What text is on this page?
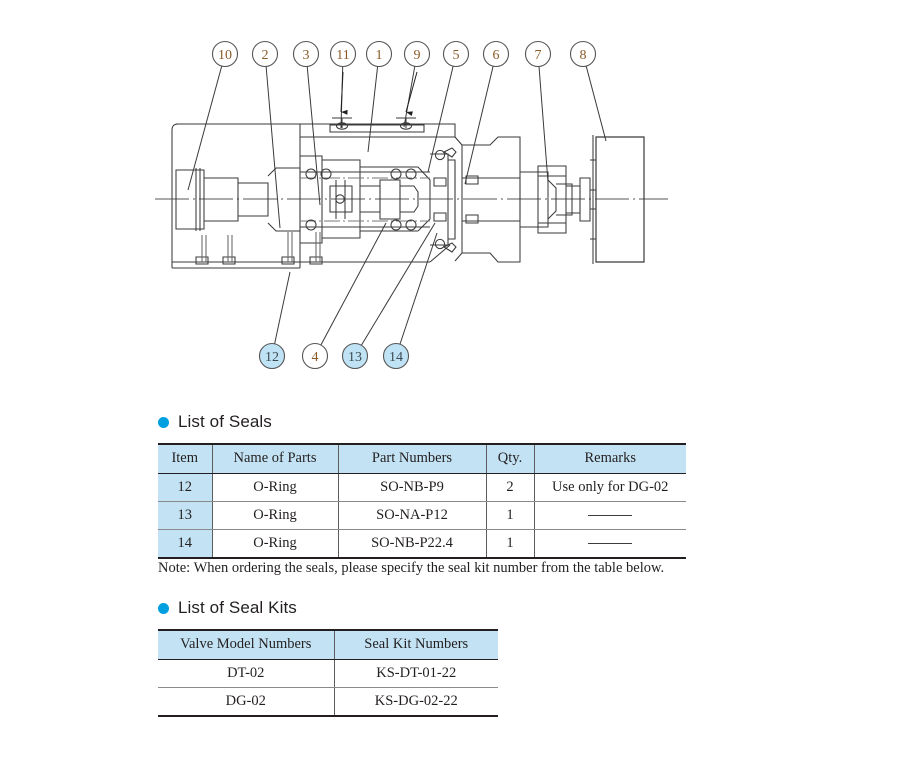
10 2 3 11 1 9 5 6	7	8
12 4 13 14
List of Seals
Item	Name of Parts	Part Numbers	Qty.	Remarks
12	O-Ring	SO-NB-P9	2	Use only for DG-02
13	O-Ring	SO-NA-P12	1	
14	O-Ring	SO-NB-P22.4	1	
Note: When ordering the seals, please specify the seal kit number from the table below.
List of Seal Kits
Valve Model Numbers	Seal Kit Numbers
DT-02	KS-DT-01-22
DG-02	KS-DG-02-22
